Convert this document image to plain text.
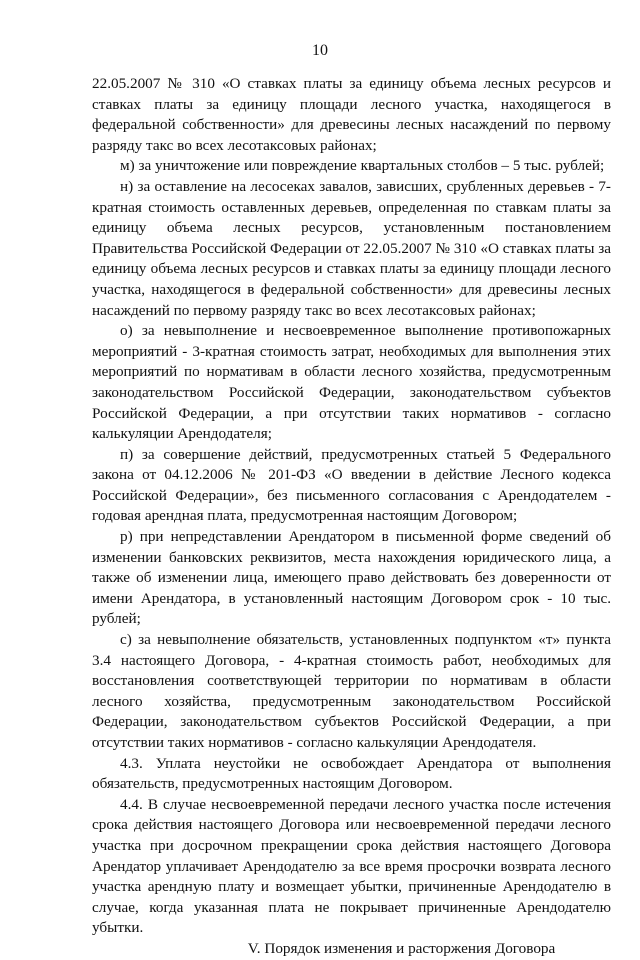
10

22.05.2007 № 310 «О ставках платы за единицу объема лесных ресурсов и ставках платы за единицу площади лесного участка, находящегося в федеральной собственности» для древесины лесных насаждений по первому разряду такс во всех лесотаксовых районах;

м) за уничтожение или повреждение квартальных столбов – 5 тыс. рублей;

н) за оставление на лесосеках завалов, зависших, срубленных деревьев - 7-кратная стоимость оставленных деревьев, определенная по ставкам платы за единицу объема лесных ресурсов, установленным постановлением Правительства Российской Федерации от 22.05.2007 № 310 «О ставках платы за единицу объема лесных ресурсов и ставках платы за единицу площади лесного участка, находящегося в федеральной собственности» для древесины лесных насаждений по первому разряду такс во всех лесотаксовых районах;

о) за невыполнение и несвоевременное выполнение противопожарных мероприятий - 3-кратная стоимость затрат, необходимых для выполнения этих мероприятий по нормативам в области лесного хозяйства, предусмотренным законодательством Российской Федерации, законодательством субъектов Российской Федерации, а при отсутствии таких нормативов - согласно калькуляции Арендодателя;

п) за совершение действий, предусмотренных статьей 5 Федерального закона от 04.12.2006 № 201-ФЗ «О введении в действие Лесного кодекса Российской Федерации», без письменного согласования с Арендодателем - годовая арендная плата, предусмотренная настоящим Договором;

р) при непредставлении Арендатором в письменной форме сведений об изменении банковских реквизитов, места нахождения юридического лица, а также об изменении лица, имеющего право действовать без доверенности от имени Арендатора, в установленный настоящим Договором срок - 10 тыс. рублей;

с) за невыполнение обязательств, установленных подпунктом «т» пункта 3.4 настоящего Договора, - 4-кратная стоимость работ, необходимых для восстановления соответствующей территории по нормативам в области лесного хозяйства, предусмотренным законодательством Российской Федерации, законодательством субъектов Российской Федерации, а при отсутствии таких нормативов - согласно калькуляции Арендодателя.

4.3. Уплата неустойки не освобождает Арендатора от выполнения обязательств, предусмотренных настоящим Договором.

4.4. В случае несвоевременной передачи лесного участка после истечения срока действия настоящего Договора или несвоевременной передачи лесного участка при досрочном прекращении срока действия настоящего Договора Арендатор уплачивает Арендодателю за все время просрочки возврата лесного участка арендную плату и возмещает убытки, причиненные Арендодателю в случае, когда указанная плата не покрывает причиненные Арендодателю убытки.

V. Порядок изменения и расторжения Договора
